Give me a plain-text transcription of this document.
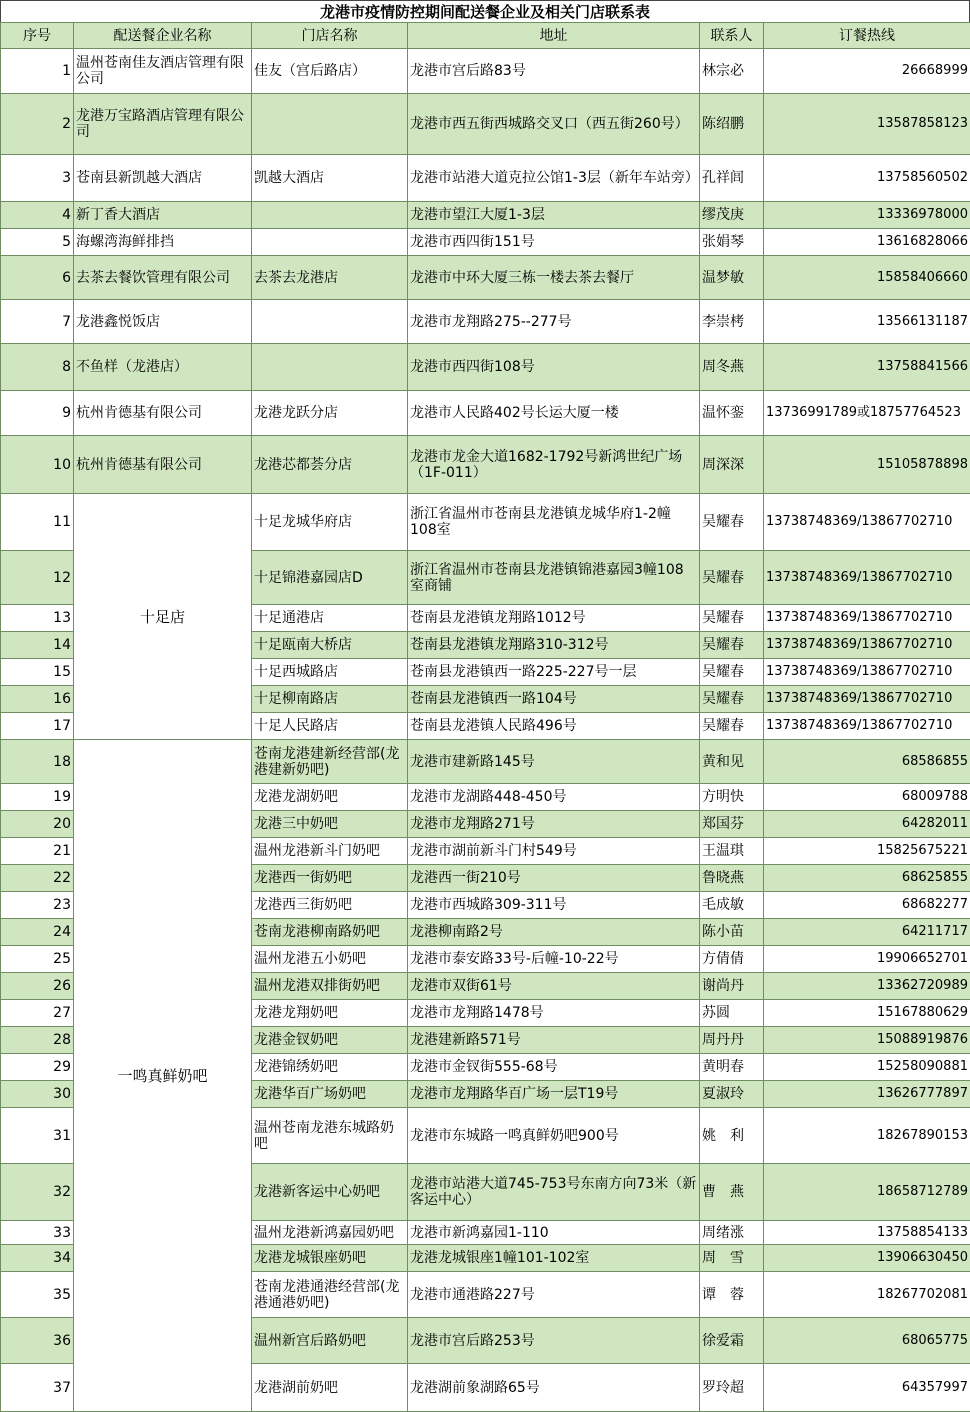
龙港市疫情防控期间配送餐企业及相关门店联系表
序号	配送餐企业名称	门店名称	地址	联系人	订餐热线
1	温州苍南佳友酒店管理有限公司	佳友（宫后路店）	龙港市宫后路83号	林宗必	26668999
2	龙港万宝路酒店管理有限公司		龙港市西五街西城路交叉口（西五街260号）	陈绍鹏	13587858123
3	苍南县新凯越大酒店	凯越大酒店	龙港市站港大道克拉公馆1-3层（新年车站旁）	孔祥闾	13758560502
4	新丁香大酒店		龙港市望江大厦1-3层	缪茂庚	13336978000
5	海螺湾海鲜排挡		龙港市西四街151号	张娟琴	13616828066
6	去茶去餐饮管理有限公司	去茶去龙港店	龙港市中环大厦三栋一楼去茶去餐厅	温梦敏	15858406660
7	龙港鑫悦饭店		龙港市龙翔路275--277号	李崇栲	13566131187
8	不鱼样（龙港店）		龙港市西四街108号	周冬燕	13758841566
9	杭州肯德基有限公司	龙港龙跃分店	龙港市人民路402号长运大厦一楼	温怀銮	13736991789或18757764523
10	杭州肯德基有限公司	龙港芯都荟分店	龙港市龙金大道1682-1792号新鸿世纪广场（1F-011）	周深深	15105878898
11	十足店	十足龙城华府店	浙江省温州市苍南县龙港镇龙城华府1-2幢108室	吴耀春	13738748369/13867702710
12		十足锦港嘉园店D	浙江省温州市苍南县龙港镇锦港嘉园3幢108室商铺	吴耀春	13738748369/13867702710
13		十足通港店	苍南县龙港镇龙翔路1012号	吴耀春	13738748369/13867702710
14		十足瓯南大桥店	苍南县龙港镇龙翔路310-312号	吴耀春	13738748369/13867702710
15		十足西城路店	苍南县龙港镇西一路225-227号一层	吴耀春	13738748369/13867702710
16		十足柳南路店	苍南县龙港镇西一路104号	吴耀春	13738748369/13867702710
17		十足人民路店	苍南县龙港镇人民路496号	吴耀春	13738748369/13867702710
18	一鸣真鲜奶吧	苍南龙港建新经营部(龙港建新奶吧)	龙港市建新路145号	黄和见	68586855
19		龙港龙湖奶吧	龙港市龙湖路448-450号	方明快	68009788
20		龙港三中奶吧	龙港市龙翔路271号	郑国芬	64282011
21		温州龙港新斗门奶吧	龙港市湖前新斗门村549号	王温琪	15825675221
22		龙港西一街奶吧	龙港西一街210号	鲁晓燕	68625855
23		龙港西三街奶吧	龙港市西城路309-311号	毛成敏	68682277
24		苍南龙港柳南路奶吧	龙港柳南路2号	陈小苗	64211717
25		温州龙港五小奶吧	龙港市泰安路33号-后幢-10-22号	方倩倩	19906652701
26		温州龙港双排街奶吧	龙港市双街61号	谢尚丹	13362720989
27		龙港龙翔奶吧	龙港市龙翔路1478号	苏圆	15167880629
28		龙港金钗奶吧	龙港建新路571号	周丹丹	15088919876
29		龙港锦绣奶吧	龙港市金钗街555-68号	黄明春	15258090881
30		龙港华百广场奶吧	龙港市龙翔路华百广场一层T19号	夏淑玲	13626777897
31		温州苍南龙港东城路奶吧	龙港市东城路一鸣真鲜奶吧900号	姚　利	18267890153
32		龙港新客运中心奶吧	龙港市站港大道745-753号东南方向73米（新客运中心）	曹　燕	18658712789
33		温州龙港新鸿嘉园奶吧	龙港市新鸿嘉园1-110	周绪涨	13758854133
34		龙港龙城银座奶吧	龙港龙城银座1幢101-102室	周　雪	13906630450
35		苍南龙港通港经营部(龙港通港奶吧)	龙港市通港路227号	谭　蓉	18267702081
36		温州新宫后路奶吧	龙港市宫后路253号	徐爱霜	68065775
37		龙港湖前奶吧	龙港湖前象湖路65号	罗玲超	64357997
